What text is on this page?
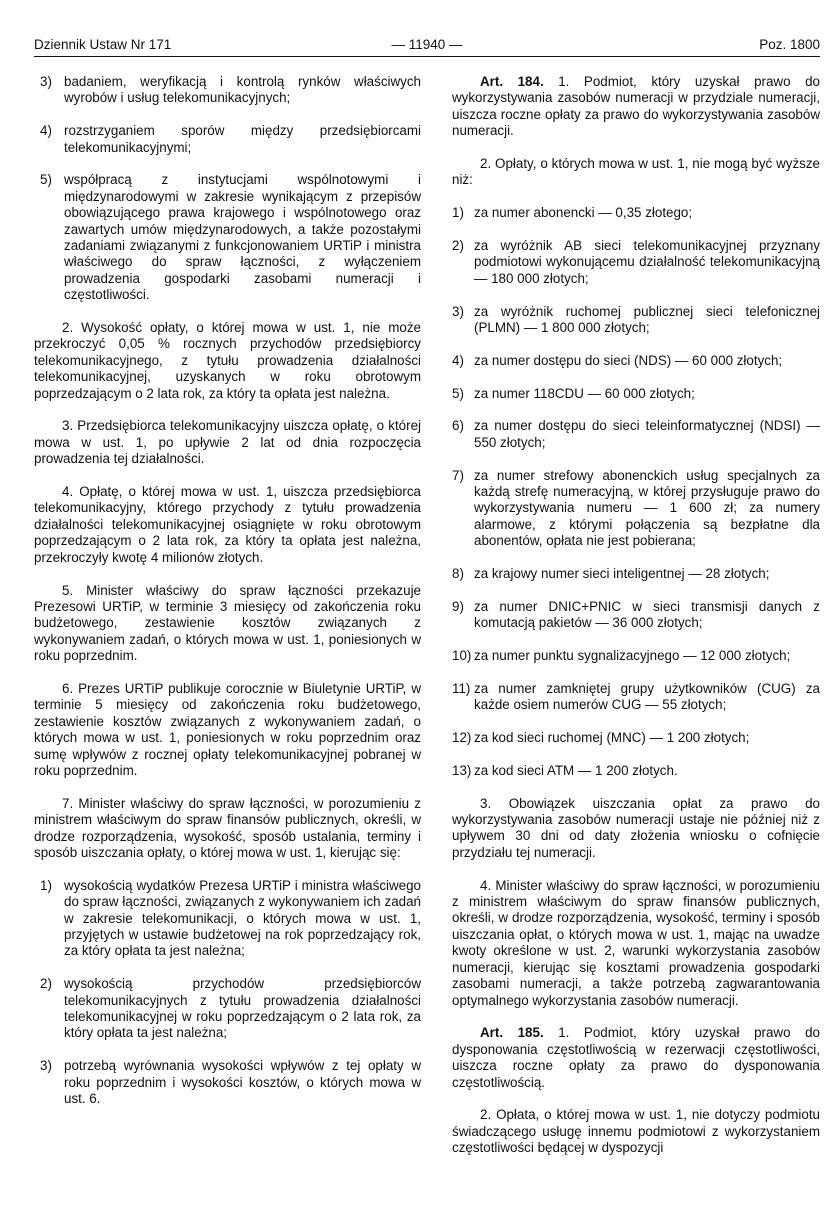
Dziennik Ustaw Nr 171	— 11940 —	Poz. 1800
3) badaniem, weryfikacją i kontrolą rynków właściwych wyrobów i usług telekomunikacyjnych;
4) rozstrzyganiem sporów między przedsiębiorcami telekomunikacyjnymi;
5) współpracą z instytucjami wspólnotowymi i międzynarodowymi w zakresie wynikającym z przepisów obowiązującego prawa krajowego i wspólnotowego oraz zawartych umów międzynarodowych, a także pozostałymi zadaniami związanymi z funkcjonowaniem URTiP i ministra właściwego do spraw łączności, z wyłączeniem prowadzenia gospodarki zasobami numeracji i częstotliwości.

2. Wysokość opłaty, o której mowa w ust. 1, nie może przekroczyć 0,05 % rocznych przychodów przedsiębiorcy telekomunikacyjnego, z tytułu prowadzenia działalności telekomunikacyjnej, uzyskanych w roku obrotowym poprzedzającym o 2 lata rok, za który ta opłata jest należna.

3. Przedsiębiorca telekomunikacyjny uiszcza opłatę, o której mowa w ust. 1, po upływie 2 lat od dnia rozpoczęcia prowadzenia tej działalności.

4. Opłatę, o której mowa w ust. 1, uiszcza przedsiębiorca telekomunikacyjny, którego przychody z tytułu prowadzenia działalności telekomunikacyjnej osiągnięte w roku obrotowym poprzedzającym o 2 lata rok, za który ta opłata jest należna, przekroczyły kwotę 4 milionów złotych.

5. Minister właściwy do spraw łączności przekazuje Prezesowi URTiP, w terminie 3 miesięcy od zakończenia roku budżetowego, zestawienie kosztów związanych z wykonywaniem zadań, o których mowa w ust. 1, poniesionych w roku poprzednim.

6. Prezes URTiP publikuje corocznie w Biuletynie URTiP, w terminie 5 miesięcy od zakończenia roku budżetowego, zestawienie kosztów związanych z wykonywaniem zadań, o których mowa w ust. 1, poniesionych w roku poprzednim oraz sumę wpływów z rocznej opłaty telekomunikacyjnej pobranej w roku poprzednim.

7. Minister właściwy do spraw łączności, w porozumieniu z ministrem właściwym do spraw finansów publicznych, określi, w drodze rozporządzenia, wysokość, sposób ustalania, terminy i sposób uiszczania opłaty, o której mowa w ust. 1, kierując się:

1) wysokością wydatków Prezesa URTiP i ministra właściwego do spraw łączności, związanych z wykonywaniem ich zadań w zakresie telekomunikacji, o których mowa w ust. 1, przyjętych w ustawie budżetowej na rok poprzedzający rok, za który opłata ta jest należna;
2) wysokością przychodów przedsiębiorców telekomunikacyjnych z tytułu prowadzenia działalności telekomunikacyjnej w roku poprzedzającym o 2 lata rok, za który opłata ta jest należna;
3) potrzebą wyrównania wysokości wpływów z tej opłaty w roku poprzednim i wysokości kosztów, o których mowa w ust. 6.

Art. 184. 1. Podmiot, który uzyskał prawo do wykorzystywania zasobów numeracji w przydziale numeracji, uiszcza roczne opłaty za prawo do wykorzystywania zasobów numeracji.

2. Opłaty, o których mowa w ust. 1, nie mogą być wyższe niż:

1) za numer abonencki — 0,35 złotego;
2) za wyróżnik AB sieci telekomunikacyjnej przyznany podmiotowi wykonującemu działalność telekomunikacyjną — 180 000 złotych;
3) za wyróżnik ruchomej publicznej sieci telefonicznej (PLMN) — 1 800 000 złotych;
4) za numer dostępu do sieci (NDS) — 60 000 złotych;
5) za numer 118CDU — 60 000 złotych;
6) za numer dostępu do sieci teleinformatycznej (NDSI) — 550 złotych;
7) za numer strefowy abonenckich usług specjalnych za każdą strefę numeracyjną, w której przysługuje prawo do wykorzystywania numeru — 1 600 zł; za numery alarmowe, z którymi połączenia są bezpłatne dla abonentów, opłata nie jest pobierana;
8) za krajowy numer sieci inteligentnej — 28 złotych;
9) za numer DNIC+PNIC w sieci transmisji danych z komutacją pakietów — 36 000 złotych;
10) za numer punktu sygnalizacyjnego — 12 000 złotych;
11) za numer zamkniętej grupy użytkowników (CUG) za każde osiem numerów CUG — 55 złotych;
12) za kod sieci ruchomej (MNC) — 1 200 złotych;
13) za kod sieci ATM — 1 200 złotych.

3. Obowiązek uiszczania opłat za prawo do wykorzystywania zasobów numeracji ustaje nie później niż z upływem 30 dni od daty złożenia wniosku o cofnięcie przydziału tej numeracji.

4. Minister właściwy do spraw łączności, w porozumieniu z ministrem właściwym do spraw finansów publicznych, określi, w drodze rozporządzenia, wysokość, terminy i sposób uiszczania opłat, o których mowa w ust. 1, mając na uwadze kwoty określone w ust. 2, warunki wykorzystania zasobów numeracji, kierując się kosztami prowadzenia gospodarki zasobami numeracji, a także potrzebą zagwarantowania optymalnego wykorzystania zasobów numeracji.

Art. 185. 1. Podmiot, który uzyskał prawo do dysponowania częstotliwością w rezerwacji częstotliwości, uiszcza roczne opłaty za prawo do dysponowania częstotliwością.

2. Opłata, o której mowa w ust. 1, nie dotyczy podmiotu świadczącego usługę innemu podmiotowi z wykorzystaniem częstotliwości będącej w dyspozycji
